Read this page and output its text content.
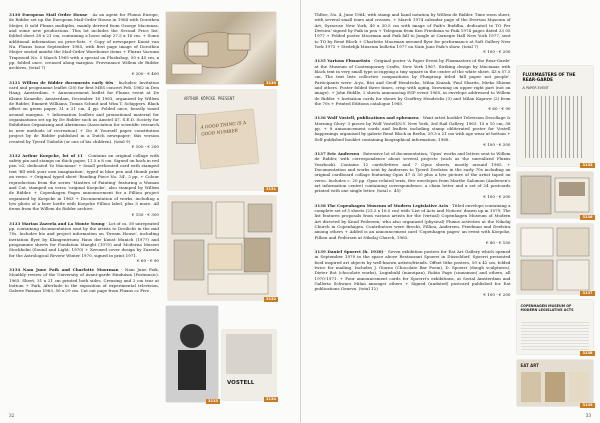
3130 European Mail Order House · As an agent for Fluxus Europe, de Ridder set up the European Mail-Order House in 1964 with Dorothea Meijer. It sold Fluxus multiples, mainly derived from George Maciunas, and some new productions. This lot includes the Second Price list, folded sheet 28 x 21 cm, containing a loose inlay 27.5 x 16 cm. + Some additional information on price-lists. + Copy of newspaper Kunst van Nu. Fluxus Issue September 1965, with first page image of Dorothea Meijer seated amidst the Mail-Order Warehouse items + Fluxus Vacuum Trapezoid No. 5 March 1965 with a special on Flushshop, 50 x 45 cm, a pp, folded once, creased along margins. Provenance Willem de Ridder archives. (total 7)
€ 200 - € 400
3131 Willem de Ridder documents early 60s · Includes: Invitation card and programme leaflet (20) for first MES concert Feb. 1962 in Den Haag, Amsterdam. + Announcement leaflet for Fluxus event at De Kleine Komedie, Amsterdam, December 16 1963, organized by Willem de Ridder, Emmett Williams, Tomas Schmit and Wim T. Schippers. Black offset on green paper, 31 x 21 cm, 4 pp. Folded once, heavily toned around margins. + Information leaflets and promotional material for organisations set up by De Ridder such as Amstel 47, S.E.D. Society for Exhibition Organizing and Ahriimean (Association for scientific research in new methods of recreation) + Do it Yourself paper constitution project by de Ridder published in a Dutch newspaper; this version created by Tjeerd Tinbelis (or one of his children). (total 9)
€ 100 - € 200
3132 Arthur Koepcke, lot of 11 · Contains an original collage with safety pin and stamps on thick paper, 11.5 x 8 cm. Signed on back in red pen 'e2, dedicated 'fo Maciunas' + Small perforated card with stamped text 'fill with your own imagination', typed in blue pen and thumb print on verso. + Original typed sheet 'Reading Piece No. 34', 2 pp. + Colour reproduction from the series 'Masters of Painting' featuring a Woman and Cat, stamped on verso 'original Koepcke', also stamped by Willem de Ridder. + Copenhagen Pages announcement for a Filliou project organized by Koepcke in 1963 + Documentation of works, including a b/w photo of a beer bottle with Koepcke Filliou label, plus 5 more. All items from the Willem de Ridder archive.
€ 150 - € 300
3133 Marian Zazeela and La Monte Young · Lot of ca. 50 unrepeated pp. containing documentation sent by the artists to Dreilicht in the mid 70s. Includes bio and project information on 'Dream House', including invitation flyer by Klangentrium/ Haus der Kunst Munich (1977) and programme sheets for Fondation Maeght (1970) and Moderna Museet Stockholm (Sound and Light, 1970) + Xeroxed cover design by Zazeela for the Astrological Review Winter 1970, signed in print 1971.
€ 60 - € 90
3134 Nam June Paik and Charlotte Moorman · Nam June Paik, Monthly review of the University of Avant-garde Hinduism (Postmusic), 1963. Sheet, 31 x 21 cm printed both sides. Creasing and 2 cm tear at bottom + Paik, Afterlude to the exposition of experimental television, Galerie Parnass 1963, 50 x 29 cm. Cut out page from Fluxus cc Five
3130
ARTHUR KÖPCKE PRESENT
A GOOD THING IS A GOOD NUMBER
3131
3132
3133
VOSTELL
3134
32
ThRee, No. 4, June 1964, with stamp and hand notation by Willem de Ridder. Time worn sheet, with several small tears and creases. + March 1974 calendar page of the Everson Museum of Art, Syracuse New York, 40 x 30.5 cm with image of Paik's Buddha, dedicated to TO Per Deestra' signed by Paik in pen + Telegram from Ken Friedman to Paik 1974 pages dated 23 05 1977 + Folded poster Moorman and Paik fall to Jungle at Carnegie Hall New York 1977, sent to TO by René Block + Charlotte Moorman xeroxed flyer for performance at Soft Gallery New York 1973 + Stedelijk Museum bulletin 1977 on Nam June Paik's show. (total 7)
€ 100 - € 200
3135 Various Fluxartists · Original poster 'A Paper Event by Fluxmasters of the Rear-Garde' at the Museum of Contemporary Crafts, New York 1967. Striking design by Maciunas with black text in very small type occupying a tiny square in the centre of the white sheet. 43 x 57.5 cm. The text lists collective compositions by Fluxgroup titled 'kill paper not people'. Participants were: A-yo, Bici and Geoff Hendricks, Milan Knizak, Paul Sharits, Mieko Shiomi and others. Poster folded three times, crisp with aging, browning on upper right part (not on image). + John Riddle, 2 sheets announcing ESP event 1965, in envelope addressed to Willem de Ridder + Invitation cards for shows by Geoffrey Hendricks (3) and Milan Kaprow (2) from the 70s + Printed Editions catalogue 1985.
€ 60 - € 90
3136 Wolf Vostell, publications and ephemera · Want artist booklet Television Decollage & Morning Glory' 3 pieces by Wolf Vostell/N.Y. New York, 3rd Rail Gallery, 1963. 15 x 10 cm, 58 pp. + 8 announcement cards and leaflets including stamp obliterated poster for Vostell happenings organised by galerie René Block in Berlin, 29.3 x 21 cm with age wear at bottom + Self published booklet containing biographical information, 1968.
€ 100 - € 200
3137 Eric Andersen · Extensive lot of documentation, 'Opus' works and letters sent to Willem de Ridder, with correspondence about several projects (such as the unrealized Fluxus Yearbook). Contains 12 cards/letters and 7 Opus sheets, mostly around 1965. + Documentation and works sent by Andersen to Tjeerd Deelstra in the early 70s including an original cardboard collage featuring Opus 47 & 50 plus a b/w picture of the artist taped on verso. Includes c. 20 pp. Opus related texts, five envelopes from Marthe Salomon (Andersen's art information centre) containing correspondence, a chain letter and a set of 24 postcards printed with one single letter. (total c. 45)
€ 100 - € 200
3138 The Copenhagen Museum of Modern Legislative Acts · Titled envelope containing a complete set of 5 sheets (23.5 x 16.5 cm) with 'List of Acts and Notices' drawn up in 1979. The list features proposals from various artists for the (virtual) Copenhagen Museum of Modern Art directed by Knud Pedersen, who also organized (physical) Fluxus activities at the Nikolaj Church in Copenhagen. Contributors were Brecht, Filliou, Andersen, Friedman and Deelstra among others + Added is an announcement card 'Copenhagen pages' an event with Koepcke, Filliou and Pedersen at Nikolaj Church, 1963.
€ 80 - € 150
3139 Daniel Spoerri (b. 1930) · Seven exhibition posters for Eat Art Gallery which opened in September 1970 in the space above Restaurant Spoerri in Düsseldorf. Spoerri presented food inspired art objects by well-known artists/friends. Offset litho posters, 59 x 42 cm, folded twice for mailing. Includes J. Giorno (Chocolate Bar Poem), D. Spoerri (dough sculptures), Dieter Rot (chocolate works), Luginbuhl (marzipan), Robin Page (cinnamon) and others, all 1970-1971. + Four announcement cards for Spoerri's exhibitions, at Serial Amsterdam and Galleria Schwarz Milan amongst others + Signed (undated) postcard published for Eat publications Geneva. (total 12)
€ 100 - € 200
FLUXMASTERS OF THE REAR-GARDE
A PAPER EVENT
3135
3136
3137
COPENHAGEN MUSEUM OF MODERN LEGISLATIVE ACTS
3138
EAT ART
3139
33
